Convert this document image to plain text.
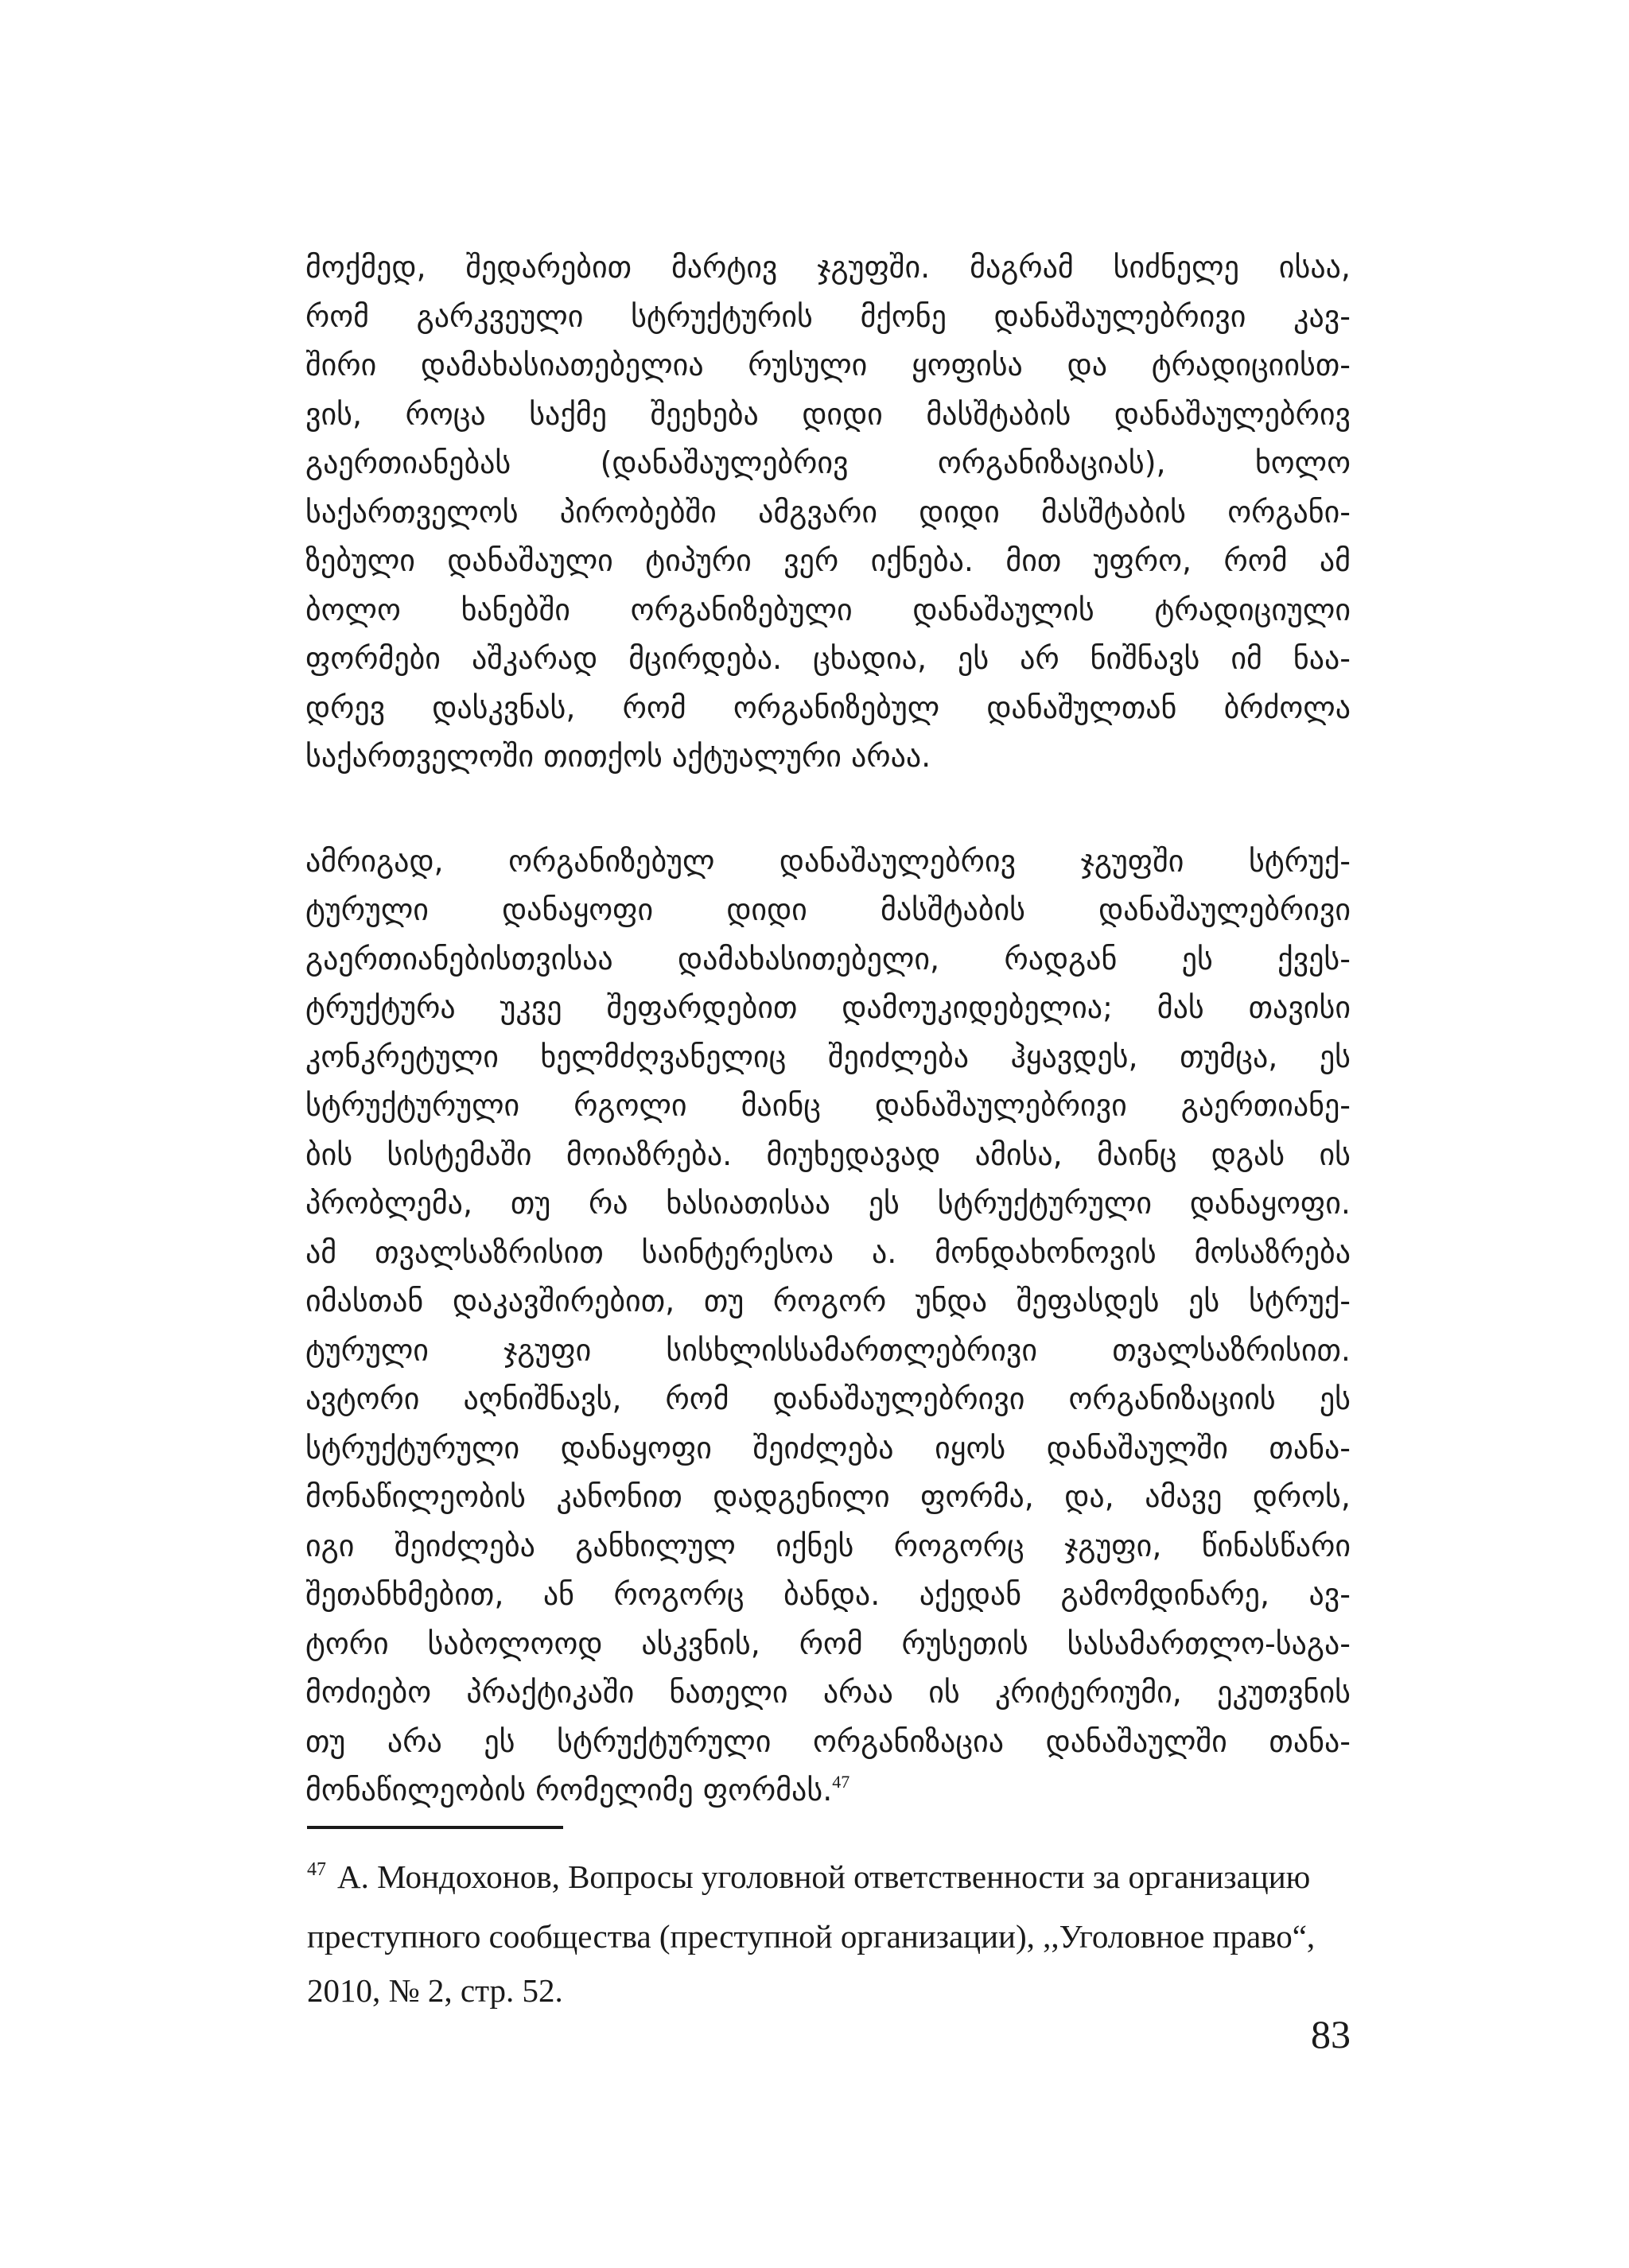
მოქმედ, შედარებით მარტივ ჯგუფში. მაგრამ სიძნელე ისაა,
რომ გარკვეული სტრუქტურის მქონე დანაშაულებრივი კავ-
შირი დამახასიათებელია რუსული ყოფისა და ტრადიციისთ-
ვის, როცა საქმე შეეხება დიდი მასშტაბის დანაშაულებრივ
გაერთიანებას (დანაშაულებრივ ორგანიზაციას), ხოლო
საქართველოს პირობებში ამგვარი დიდი მასშტაბის ორგანი-
ზებული დანაშაული ტიპური ვერ იქნება. მით უფრო, რომ ამ
ბოლო ხანებში ორგანიზებული დანაშაულის ტრადიციული
ფორმები აშკარად მცირდება. ცხადია, ეს არ ნიშნავს იმ ნაა-
დრევ დასკვნას, რომ ორგანიზებულ დანაშულთან ბრძოლა
საქართველოში თითქოს აქტუალური არაა.
ამრიგად, ორგანიზებულ დანაშაულებრივ ჯგუფში სტრუქ-
ტურული დანაყოფი დიდი მასშტაბის დანაშაულებრივი
გაერთიანებისთვისაა დამახასითებელი, რადგან ეს ქვეს-
ტრუქტურა უკვე შეფარდებით დამოუკიდებელია; მას თავისი
კონკრეტული ხელმძღვანელიც შეიძლება ჰყავდეს, თუმცა, ეს
სტრუქტურული რგოლი მაინც დანაშაულებრივი გაერთიანე-
ბის სისტემაში მოიაზრება. მიუხედავად ამისა, მაინც დგას ის
პრობლემა, თუ რა ხასიათისაა ეს სტრუქტურული დანაყოფი.
ამ თვალსაზრისით საინტერესოა ა. მონდახონოვის მოსაზრება
იმასთან დაკავშირებით, თუ როგორ უნდა შეფასდეს ეს სტრუქ-
ტურული ჯგუფი სისხლისსამართლებრივი თვალსაზრისით.
ავტორი აღნიშნავს, რომ დანაშაულებრივი ორგანიზაციის ეს
სტრუქტურული დანაყოფი შეიძლება იყოს დანაშაულში თანა-
მონაწილეობის კანონით დადგენილი ფორმა, და, ამავე დროს,
იგი შეიძლება განხილულ იქნეს როგორც ჯგუფი, წინასწარი
შეთანხმებით, ან როგორც ბანდა. აქედან გამომდინარე, ავ-
ტორი საბოლოოდ ასკვნის, რომ რუსეთის სასამართლო-საგა-
მოძიებო პრაქტიკაში ნათელი არაა ის კრიტერიუმი, ეკუთვნის
თუ არა ეს სტრუქტურული ორგანიზაცია დანაშაულში თანა-
მონაწილეობის რომელიმე ფორმას.$^{47}$
$^{47}$ А. Мондохонов, Вопросы уголовной ответственности за организацию
преступного сообщества (преступной организации), ,,Уголовное право“,
2010, № 2, стр. 52.
83
